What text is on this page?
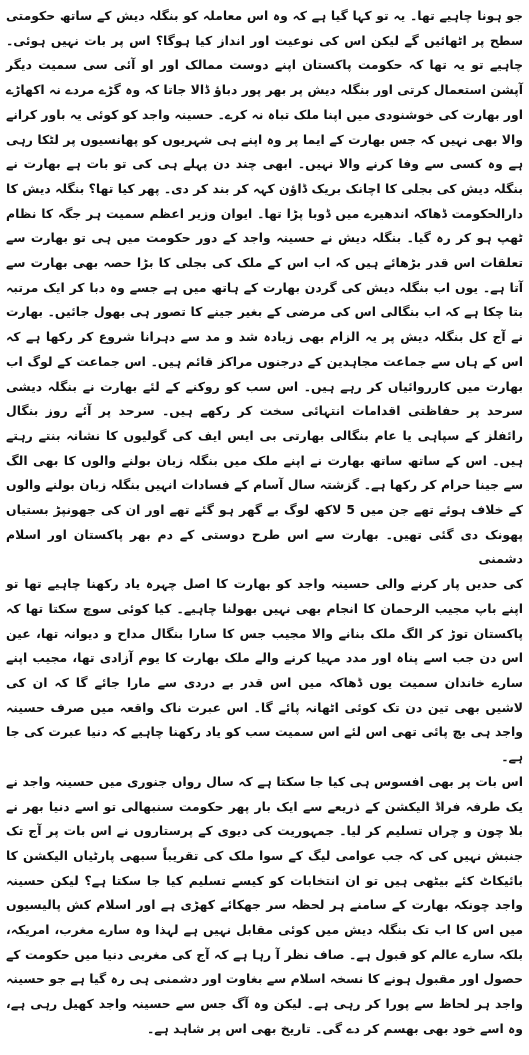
جو ہونا چاہیے تھا۔ یہ تو کہا گیا ہے کہ وہ اس معاملہ کو بنگلہ دیش کے ساتھ حکومتی سطح پر اٹھائیں گے لیکن اس کی نوعیت اور انداز کیا ہوگا؟ اس پر بات نہیں ہوئی۔ چاہیے تو یہ تھا کہ حکومت پاکستان اپنے دوست ممالک اور او آئی سی سمیت دیگر آپشن استعمال کرتی اور بنگلہ دیش پر بھر پور دباؤ ڈالا جاتا کہ وہ گڑے مردے نہ اکھاڑے اور بھارت کی خوشنودی میں اپنا ملک تباہ نہ کرے۔ حسینہ واجد کو کوئی یہ باور کرانے والا بھی نہیں کہ جس بھارت کے ایما پر وہ اپنے ہی شہریوں کو پھانسیوں پر لٹکا رہی ہے وہ کسی سے وفا کرنے والا نہیں۔ ابھی چند دن پہلے ہی کی تو بات ہے بھارت نے بنگلہ دیش کی بجلی کا اچانک بریک ڈاؤن کہہ کر بند کر دی۔ پھر کیا تھا؟ بنگلہ دیش کا دارالحکومت ڈھاکہ اندھیرے میں ڈوبا پڑا تھا۔ ایوان وزیر اعظم سمیت ہر جگہ کا نظام ٹھپ ہو کر رہ گیا۔ بنگلہ دیش نے حسینہ واجد کے دور حکومت میں ہی تو بھارت سے تعلقات اس قدر بڑھائے ہیں کہ اب اس کے ملک کی بجلی کا بڑا حصہ بھی بھارت سے آتا ہے۔ یوں اب بنگلہ دیش کی گردن بھارت کے ہاتھ میں ہے جسے وہ دبا کر ایک مرتبہ بتا چکا ہے کہ اب بنگالی اس کی مرضی کے بغیر جینے کا تصور ہی بھول جائیں۔ بھارت نے آج کل بنگلہ دیش پر یہ الزام بھی زیادہ شد و مد سے دہرانا شروع کر رکھا ہے کہ اس کے ہاں سے جماعت مجاہدین کے درجنوں مراکز قائم ہیں۔ اس جماعت کے لوگ اب بھارت میں کارروائیاں کر رہے ہیں۔ اس سب کو روکنے کے لئے بھارت نے بنگلہ دیشی سرحد پر حفاظتی اقدامات انتہائی سخت کر رکھے ہیں۔ سرحد پر آئے روز بنگال رائفلز کے سپاہی یا عام بنگالی بھارتی بی ایس ایف کی گولیوں کا نشانہ بنتے رہتے ہیں۔ اس کے ساتھ ساتھ بھارت نے اپنے ملک میں بنگلہ زبان بولنے والوں کا بھی الگ سے جینا حرام کر رکھا ہے۔ گزشتہ سال آسام کے فسادات انہیں بنگلہ زبان بولنے والوں کے خلاف ہوئے تھے جن میں 5 لاکھ لوگ بے گھر ہو گئے تھے اور ان کی جھونپڑ بستیاں پھونک دی گئی تھیں۔ بھارت سے اس طرح دوستی کے دم بھر پاکستان اور اسلام دشمنی

کی حدیں پار کرنے والی حسینہ واجد کو بھارت کا اصل چہرہ یاد رکھنا چاہیے تھا تو اپنے باپ مجیب الرحمان کا انجام بھی نہیں بھولنا چاہیے۔ کیا کوئی سوچ سکتا تھا کہ پاکستان توڑ کر الگ ملک بنانے والا مجیب جس کا سارا بنگال مداح و دیوانہ تھا، عین اس دن جب اسے پناہ اور مدد مہیا کرنے والے ملک بھارت کا یوم آزادی تھا، مجیب اپنے سارے خاندان سمیت یوں ڈھاکہ میں اس قدر بے دردی سے مارا جائے گا کہ ان کی لاشیں بھی تین دن تک کوئی اٹھانہ پائے گا۔ اس عبرت ناک واقعہ میں صرف حسینہ واجد ہی بچ پائی تھی اس لئے اس سمیت سب کو یاد رکھنا چاہیے کہ دنیا عبرت کی جا ہے۔

اس بات پر بھی افسوس ہی کیا جا سکتا ہے کہ سال رواں جنوری میں حسینہ واجد نے یک طرفہ فراڈ الیکشن کے ذریعے سے ایک بار پھر حکومت سنبھالی تو اسے دنیا بھر نے بلا چون و چراں تسلیم کر لیا۔ جمہوریت کی دیوی کے پرستاروں نے اس بات پر آج تک جنبش نہیں کی کہ جب عوامی لیگ کے سوا ملک کی تقریباً سبھی پارٹیاں الیکشن کا بائیکاٹ کئے بیٹھی ہیں تو ان انتخابات کو کیسے تسلیم کیا جا سکتا ہے؟ لیکن حسینہ واجد چونکہ بھارت کے سامنے ہر لحظہ سر جھکائے کھڑی ہے اور اسلام کش پالیسیوں میں اس کا اب تک بنگلہ دیش میں کوئی مقابل نہیں ہے لہذا وہ سارے مغرب، امریکہ، بلکہ سارے عالم کو قبول ہے۔ صاف نظر آ رہا ہے کہ آج کی مغربی دنیا میں حکومت کے حصول اور مقبول ہونے کا نسخہ اسلام سے بغاوت اور دشمنی ہی رہ گیا ہے جو حسینہ واجد ہر لحاظ سے پورا کر رہی ہے۔ لیکن وہ آگ جس سے حسینہ واجد کھیل رہی ہے، وہ اسے خود بھی بھسم کر دے گی۔ تاریخ بھی اس پر شاہد ہے۔
